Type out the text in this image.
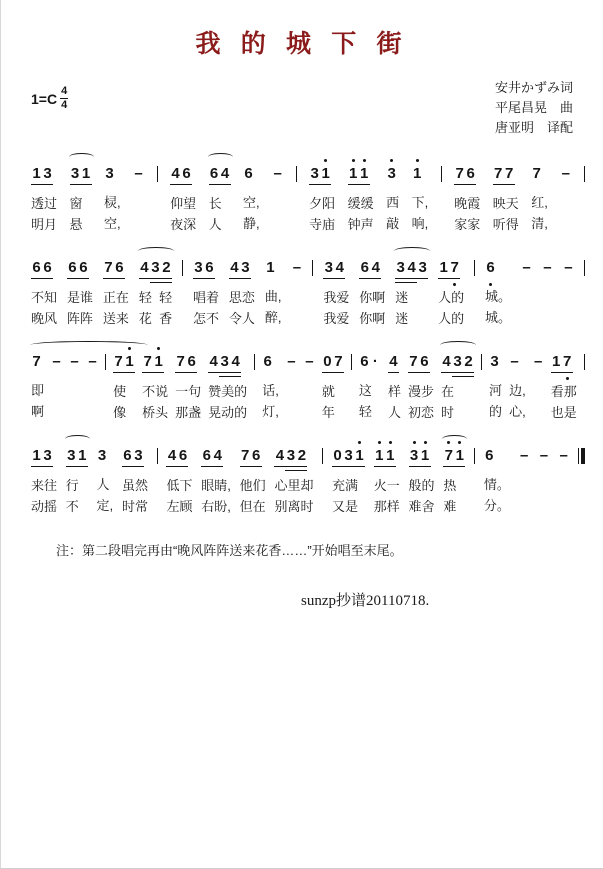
我 的 城 下 街
$1=C \frac{4}{4}$	安井かずみ词
平尾昌晃　曲
唐亚明　译配
1 3
透过
明月
3 1
窗
悬
3
棂,
空,
– 4 6
仰望
夜深
6 4
长
人
6
空,
静,
– 3 1
夕阳
寺庙
1 1
缓缓
钟声
3
西
敲
1
下,
响,
7 6
晚霞
家家
7 7
映天
听得
7
红,
清,
–
6 6
不知
晚风
6 6
是谁
阵阵
7 6
正在
送来
4 3 2
轻  轻
花  香
3 6
唱着
怎不
4 3
思恋
令人
1
曲,
醉,
– 3 4
我爱
我爱
6 4
你啊
你啊
3 4 3
迷
迷
1 7
人的
人的
6
城。
城。
– – –
7
即
啊
– – – 7 1
使
像
7 1
不说
桥头
7 6
一句
那盏
4 3 4
赞美的
晃动的
6
话,
灯,
– – 0 7
就
年
6 ·
这
轻
4
样
人
7 6
漫步
初恋
4 3 2
在
时
3
河
的
–
边,
心,
– 1 7
看那
也是
1 3
来往
动摇
3 1
行
不
3
人
定,
6 3
虽然
时常
4 6
低下
左顾
6 4
眼睛,
右盼,
7 6
他们
但在
4 3 2
心里却
别离时
0 3 1
充满
又是
1 1
火一
那样
3 1
般的
难舍
7 1
热
难
6
情。
分。
– – –
注：第二段唱完再由“晚风阵阵送来花香……”开始唱至末尾。
sunzp抄谱20110718.
